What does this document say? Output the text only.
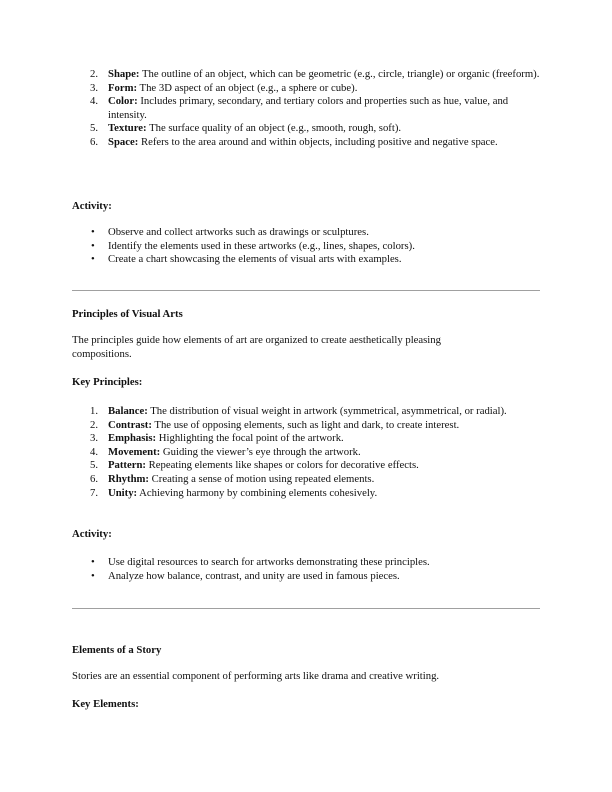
2. Shape: The outline of an object, which can be geometric (e.g., circle, triangle) or organic (freeform).
3. Form: The 3D aspect of an object (e.g., a sphere or cube).
4. Color: Includes primary, secondary, and tertiary colors and properties such as hue, value, and intensity.
5. Texture: The surface quality of an object (e.g., smooth, rough, soft).
6. Space: Refers to the area around and within objects, including positive and negative space.

Activity:

• Observe and collect artworks such as drawings or sculptures.
• Identify the elements used in these artworks (e.g., lines, shapes, colors).
• Create a chart showcasing the elements of visual arts with examples.

Principles of Visual Arts

The principles guide how elements of art are organized to create aesthetically pleasing compositions.

Key Principles:

1. Balance: The distribution of visual weight in artwork (symmetrical, asymmetrical, or radial).
2. Contrast: The use of opposing elements, such as light and dark, to create interest.
3. Emphasis: Highlighting the focal point of the artwork.
4. Movement: Guiding the viewer’s eye through the artwork.
5. Pattern: Repeating elements like shapes or colors for decorative effects.
6. Rhythm: Creating a sense of motion using repeated elements.
7. Unity: Achieving harmony by combining elements cohesively.

Activity:

• Use digital resources to search for artworks demonstrating these principles.
• Analyze how balance, contrast, and unity are used in famous pieces.

Elements of a Story

Stories are an essential component of performing arts like drama and creative writing.

Key Elements:
